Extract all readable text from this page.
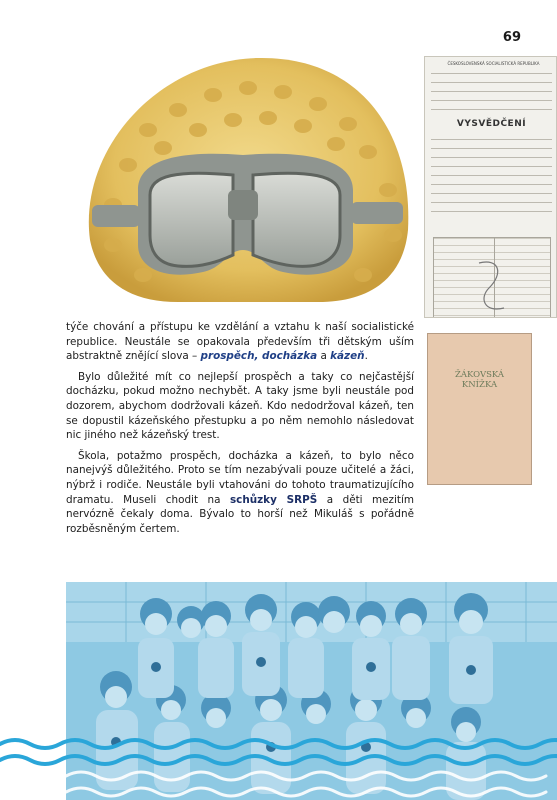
69
ČESKOSLOVENSKÁ SOCIALISTICKÁ REPUBLIKA
VYSVĚDČENÍ
ŽÁKOVSKÁ
KNÍŽKA

týče chování a přístupu ke vzdělání a vztahu k naší socialistické republice. Neustále se opakovala především tři dětským uším abstraktně znějící slova – prospěch, docházka a kázeň.

Bylo důležité mít co nejlepší prospěch a taky co nejčastější docházku, pokud možno nechybět. A taky jsme byli neustále pod dozorem, abychom dodržovali kázeň. Kdo nedodržoval kázeň, ten se dopustil kázeňského přestupku a po něm nemohlo následovat nic jiného než kázeňský trest.

Škola, potažmo prospěch, docházka a kázeň, to bylo něco nanejvýš důležitého. Proto se tím nezabývali pouze učitelé a žáci, nýbrž i rodiče. Neustále byli vtahováni do tohoto traumatizujícího dramatu. Museli chodit na schůzky SRPŠ a děti mezitím nervózně čekaly doma. Bývalo to horší než Mikuláš s pořádně rozběsněným čertem.
